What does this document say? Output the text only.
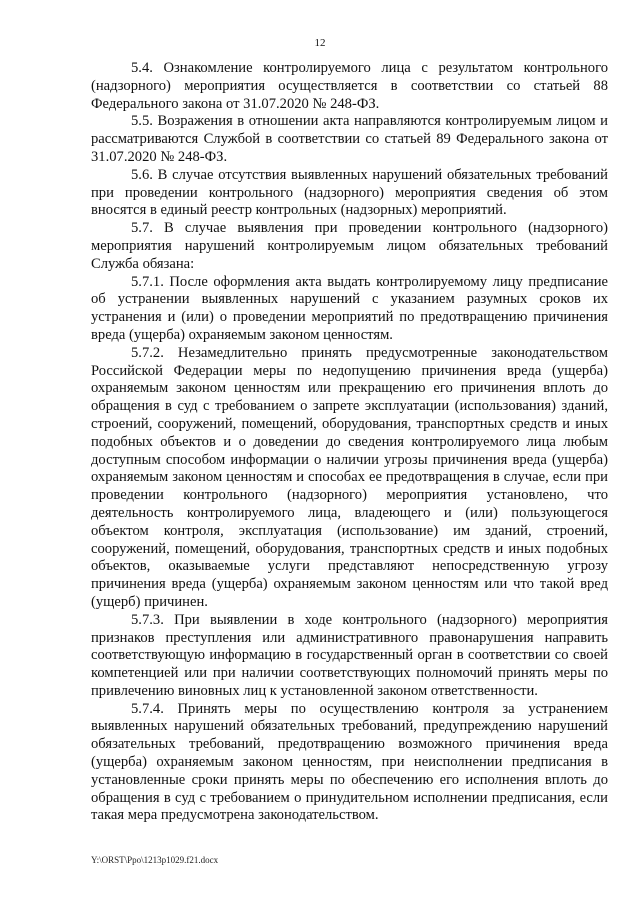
12

5.4. Ознакомление контролируемого лица с результатом контрольного (надзорного) мероприятия осуществляется в соответствии со статьей 88 Федерального закона от 31.07.2020 № 248-ФЗ.

5.5. Возражения в отношении акта направляются контролируемым лицом и рассматриваются Службой в соответствии со статьей 89 Федерального закона от 31.07.2020 № 248-ФЗ.

5.6. В случае отсутствия выявленных нарушений обязательных требований при проведении контрольного (надзорного) мероприятия сведения об этом вносятся в единый реестр контрольных (надзорных) мероприятий.

5.7. В случае выявления при проведении контрольного (надзорного) мероприятия нарушений контролируемым лицом обязательных требований Служба обязана:

5.7.1. После оформления акта выдать контролируемому лицу предписание об устранении выявленных нарушений с указанием разумных сроков их устранения и (или) о проведении мероприятий по предотвращению причинения вреда (ущерба) охраняемым законом ценностям.

5.7.2. Незамедлительно принять предусмотренные законодательством Российской Федерации меры по недопущению причинения вреда (ущерба) охраняемым законом ценностям или прекращению его причинения вплоть до обращения в суд с требованием о запрете эксплуатации (использования) зданий, строений, сооружений, помещений, оборудования, транспортных средств и иных подобных объектов и о доведении до сведения контролируемого лица любым доступным способом информации о наличии угрозы причинения вреда (ущерба) охраняемым законом ценностям и способах ее предотвращения в случае, если при проведении контрольного (надзорного) мероприятия установлено, что деятельность контролируемого лица, владеющего и (или) пользующегося объектом контроля, эксплуатация (использование) им зданий, строений, сооружений, помещений, оборудования, транспортных средств и иных подобных объектов, оказываемые услуги представляют непосредственную угрозу причинения вреда (ущерба) охраняемым законом ценностям или что такой вред (ущерб) причинен.

5.7.3. При выявлении в ходе контрольного (надзорного) мероприятия признаков преступления или административного правонарушения направить соответствующую информацию в государственный орган в соответствии со своей компетенцией или при наличии соответствующих полномочий принять меры по привлечению виновных лиц к установленной законом ответственности.

5.7.4. Принять меры по осуществлению контроля за устранением выявленных нарушений обязательных требований, предупреждению нарушений обязательных требований, предотвращению возможного причинения вреда (ущерба) охраняемым законом ценностям, при неисполнении предписания в установленные сроки принять меры по обеспечению его исполнения вплоть до обращения в суд с требованием о принудительном исполнении предписания, если такая мера предусмотрена законодательством.

Y:\ORST\Ppo\1213p1029.f21.docx
